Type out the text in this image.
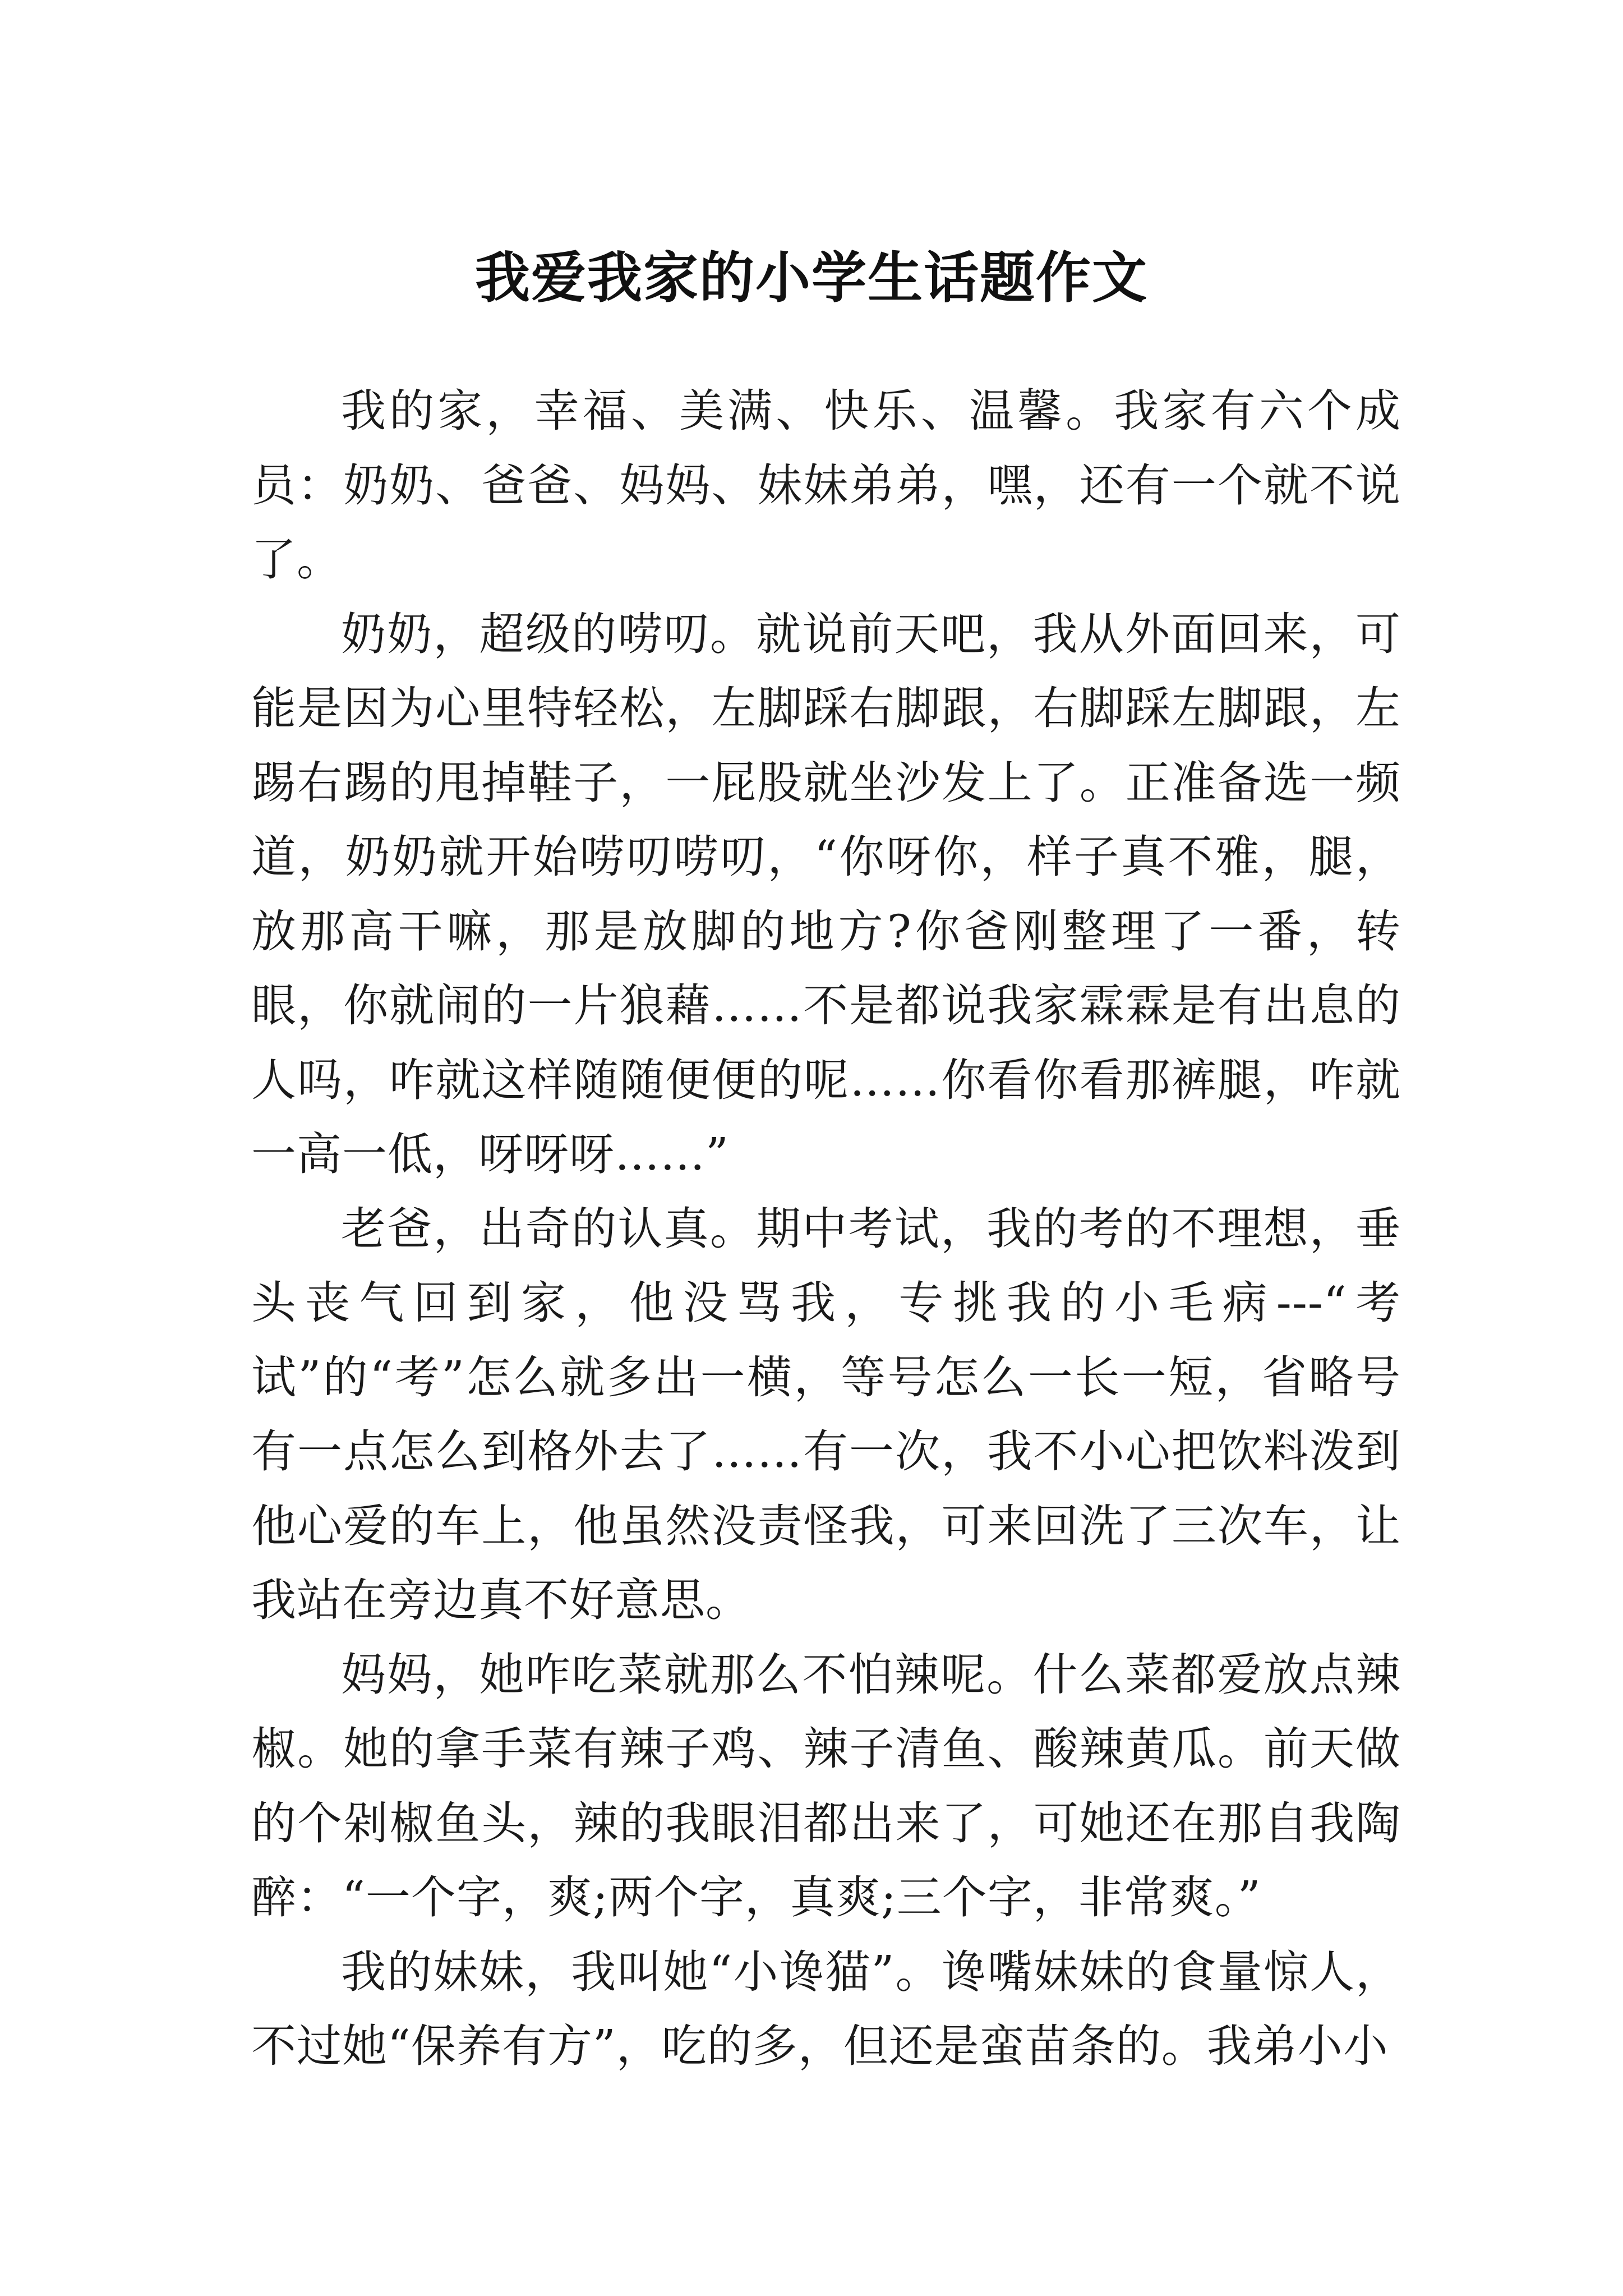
我爱我家的小学生话题作文

我的家，幸福、美满、快乐、温馨。我家有六个成员：奶奶、爸爸、妈妈、妹妹弟弟，嘿，还有一个就不说了。

奶奶，超级的唠叨。就说前天吧，我从外面回来，可能是因为心里特轻松，左脚踩右脚跟，右脚踩左脚跟，左踢右踢的甩掉鞋子，一屁股就坐沙发上了。正准备选一频道，奶奶就开始唠叨唠叨，“你呀你，样子真不雅，腿，放那高干嘛，那是放脚的地方?你爸刚整理了一番，转眼，你就闹的一片狼藉……不是都说我家霖霖是有出息的人吗，咋就这样随随便便的呢……你看你看那裤腿，咋就一高一低，呀呀呀……”

老爸，出奇的认真。期中考试，我的考的不理想，垂头丧气回到家，他没骂我，专挑我的小毛病---“考试”的“考”怎么就多出一横，等号怎么一长一短，省略号有一点怎么到格外去了……有一次，我不小心把饮料泼到他心爱的车上，他虽然没责怪我，可来回洗了三次车，让我站在旁边真不好意思。

妈妈，她咋吃菜就那么不怕辣呢。什么菜都爱放点辣椒。她的拿手菜有辣子鸡、辣子清鱼、酸辣黄瓜。前天做的个剁椒鱼头，辣的我眼泪都出来了，可她还在那自我陶醉：“一个字，爽;两个字，真爽;三个字，非常爽。”

我的妹妹，我叫她“小谗猫”。谗嘴妹妹的食量惊人，不过她“保养有方”，吃的多，但还是蛮苗条的。我弟小小
